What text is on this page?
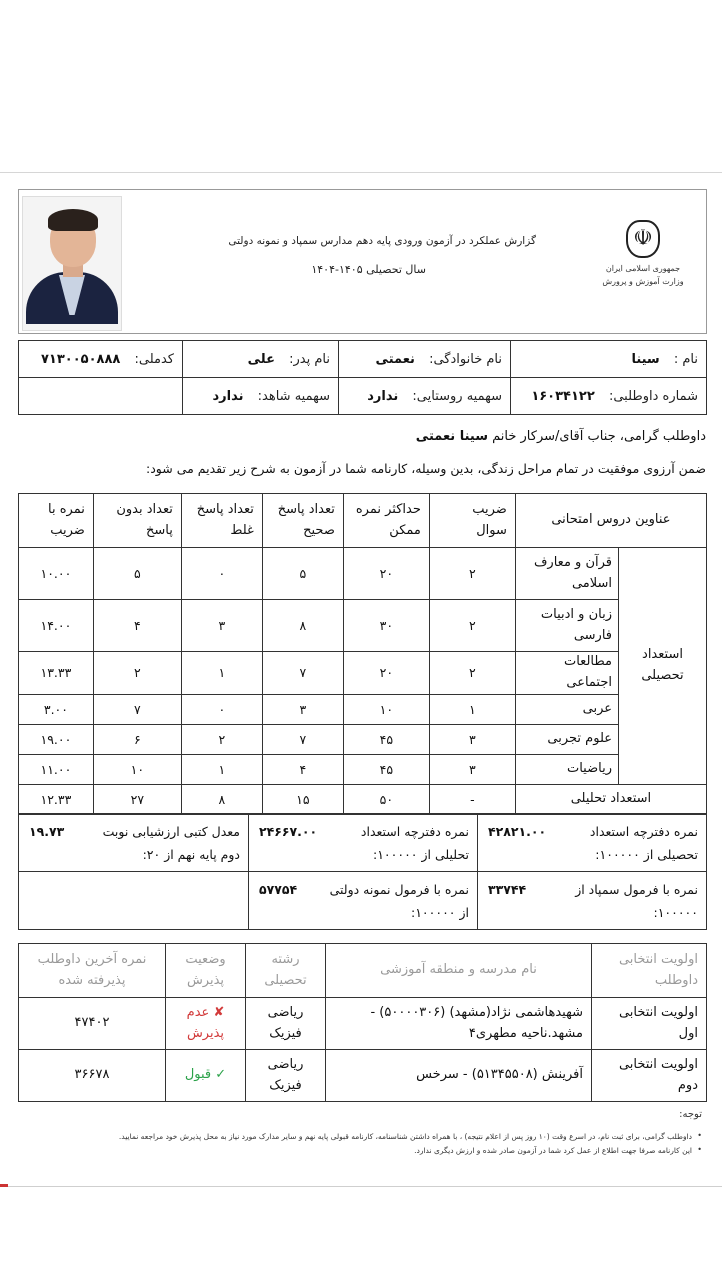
☫
جمهوری اسلامی ایران
وزارت آموزش و پرورش
گزارش عملکرد در آزمون ورودی پایه دهم مدارس سمپاد و نمونه دولتی
سال تحصیلی ۱۴۰۵-۱۴۰۴
نام : سینا	نام خانوادگی: نعمتی	نام پدر: علی	کدملی: ۷۱۳۰۰۵۰۸۸۸
شماره داوطلبی: ۱۶۰۳۴۱۲۲	سهمیه روستایی: ندارد	سهمیه شاهد: ندارد	
داوطلب گرامی، جناب آقای/سرکار خانم سینا نعمتی
ضمن آرزوی موفقیت در تمام مراحل زندگی، بدین وسیله، کارنامه شما در آزمون به شرح زیر تقدیم می شود:
عناوین دروس امتحانی		ضریب سوال	حداکثر نمره ممکن	تعداد پاسخ صحیح	تعداد پاسخ غلط	تعداد بدون پاسخ	نمره با ضریب
استعداد تحصیلی	قرآن و معارف اسلامی	۲	۲۰	۵	۰	۵	۱۰.۰۰
	زبان و ادبیات فارسی	۲	۳۰	۸	۳	۴	۱۴.۰۰
	مطالعات اجتماعی	۲	۲۰	۷	۱	۲	۱۳.۳۳
	عربی	۱	۱۰	۳	۰	۷	۳.۰۰
	علوم تجربی	۳	۴۵	۷	۲	۶	۱۹.۰۰
	ریاضیات	۳	۴۵	۴	۱	۱۰	۱۱.۰۰
استعداد تحلیلی		-	۵۰	۱۵	۸	۲۷	۱۲.۳۳
نمره دفترچه استعداد تحصیلی از ۱۰۰۰۰۰:
۴۲۸۲۱.۰۰	نمره دفترچه استعداد تحلیلی از ۱۰۰۰۰۰:
۲۴۶۶۷.۰۰	معدل کتبی ارزشیابی نوبت دوم پایه نهم از ۲۰:
۱۹.۷۳

نمره با فرمول سمپاد از ۱۰۰۰۰۰:
۳۳۷۴۴	نمره با فرمول نمونه دولتی از ۱۰۰۰۰۰:
۵۷۷۵۴	

اولویت انتخابی داوطلب	نام مدرسه و منطقه آموزشی	رشته تحصیلی	وضعیت پذیرش	نمره آخرین داوطلب پذیرفته شده
اولویت انتخابی اول	شهیدهاشمی نژاد(مشهد) (۵۰۰۰۰۳۰۶) - مشهد.ناحیه مطهری۴	ریاضی فیزیک	✘ عدم پذیرش	۴۷۴۰۲
اولویت انتخابی دوم	آفرینش (۵۱۳۴۵۵۰۸) - سرخس	ریاضی فیزیک	✓ قبول	۳۶۶۷۸
توجه:
• داوطلب گرامی، برای ثبت نام، در اسرع وقت (۱۰ روز پس از اعلام نتیجه) ، با همراه داشتن شناسنامه، کارنامه قبولی پایه نهم و سایر مدارک مورد نیاز به محل پذیرش خود مراجعه نمایید.
• این کارنامه صرفا جهت اطلاع از عمل کرد شما در آزمون صادر شده و ارزش دیگری ندارد.
